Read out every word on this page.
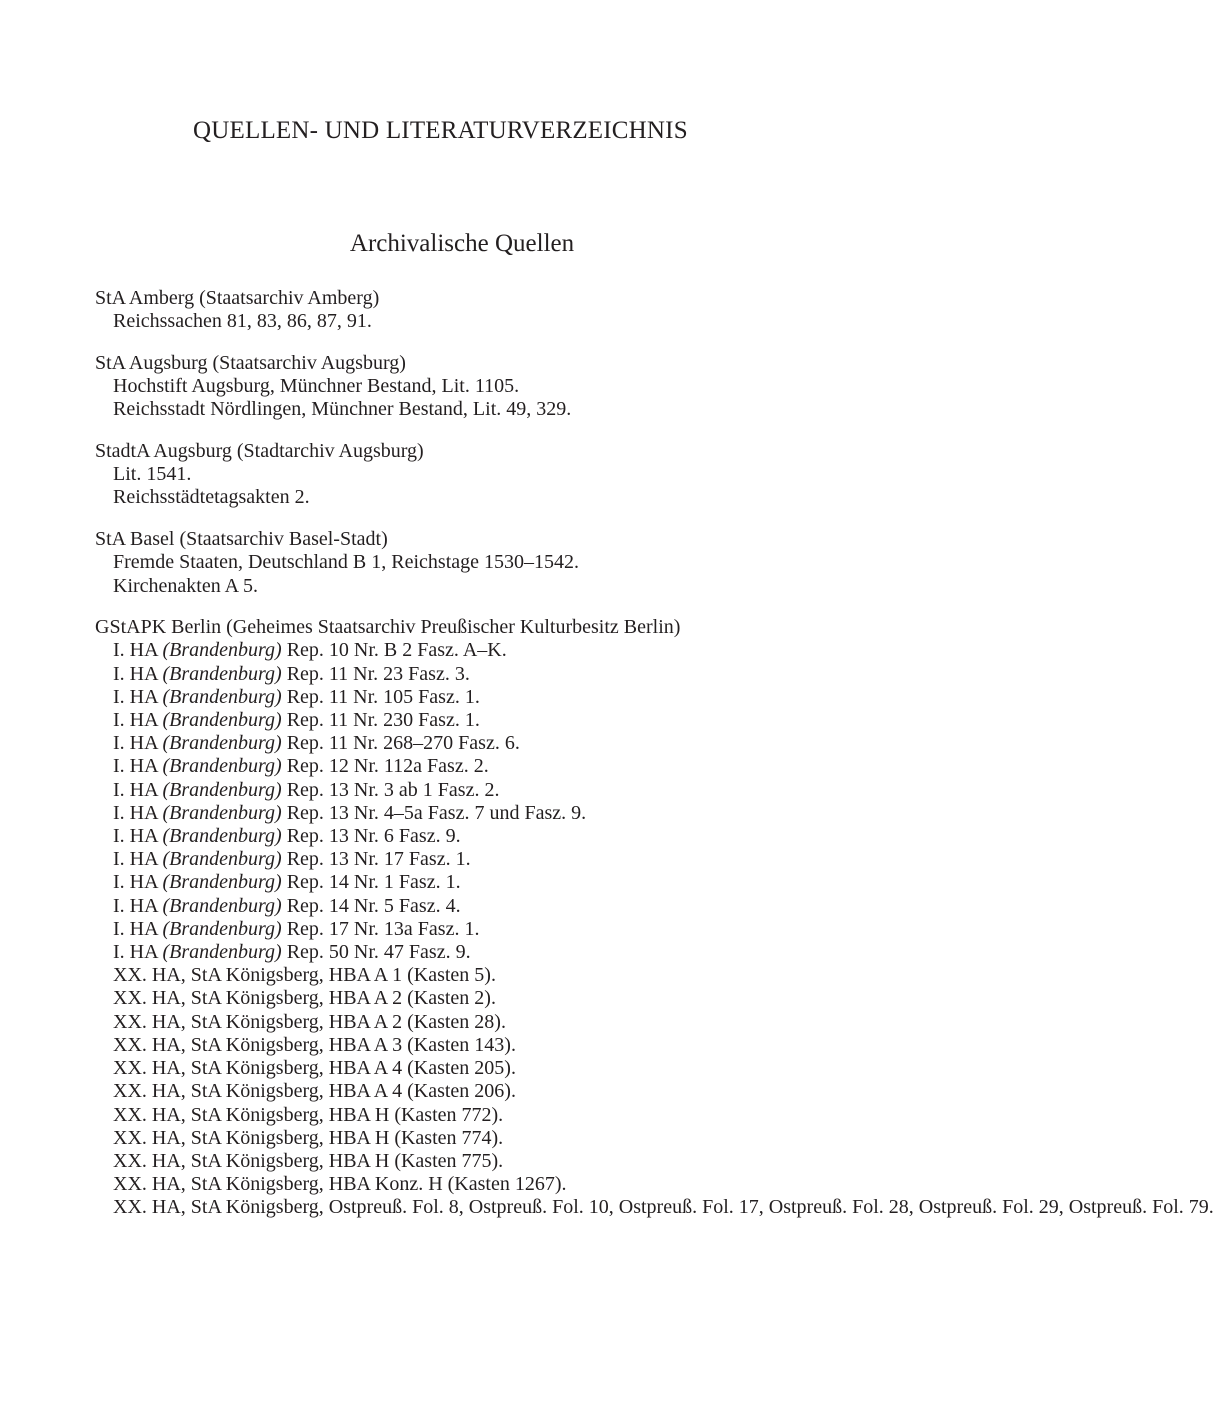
QUELLEN- UND LITERATURVERZEICHNIS
Archivalische Quellen
StA Amberg (Staatsarchiv Amberg)
Reichssachen 81, 83, 86, 87, 91.
StA Augsburg (Staatsarchiv Augsburg)
Hochstift Augsburg, Münchner Bestand, Lit. 1105.
Reichsstadt Nördlingen, Münchner Bestand, Lit. 49, 329.
StadtA Augsburg (Stadtarchiv Augsburg)
Lit. 1541.
Reichsstädtetagsakten 2.
StA Basel (Staatsarchiv Basel-Stadt)
Fremde Staaten, Deutschland B 1, Reichstage 1530–1542.
Kirchenakten A 5.
GStAPK Berlin (Geheimes Staatsarchiv Preußischer Kulturbesitz Berlin)
I. HA (Brandenburg) Rep. 10 Nr. B 2 Fasz. A–K.
I. HA (Brandenburg) Rep. 11 Nr. 23 Fasz. 3.
I. HA (Brandenburg) Rep. 11 Nr. 105 Fasz. 1.
I. HA (Brandenburg) Rep. 11 Nr. 230 Fasz. 1.
I. HA (Brandenburg) Rep. 11 Nr. 268–270 Fasz. 6.
I. HA (Brandenburg) Rep. 12 Nr. 112a Fasz. 2.
I. HA (Brandenburg) Rep. 13 Nr. 3 ab 1 Fasz. 2.
I. HA (Brandenburg) Rep. 13 Nr. 4–5a Fasz. 7 und Fasz. 9.
I. HA (Brandenburg) Rep. 13 Nr. 6 Fasz. 9.
I. HA (Brandenburg) Rep. 13 Nr. 17 Fasz. 1.
I. HA (Brandenburg) Rep. 14 Nr. 1 Fasz. 1.
I. HA (Brandenburg) Rep. 14 Nr. 5 Fasz. 4.
I. HA (Brandenburg) Rep. 17 Nr. 13a Fasz. 1.
I. HA (Brandenburg) Rep. 50 Nr. 47 Fasz. 9.
XX. HA, StA Königsberg, HBA A 1 (Kasten 5).
XX. HA, StA Königsberg, HBA A 2 (Kasten 2).
XX. HA, StA Königsberg, HBA A 2 (Kasten 28).
XX. HA, StA Königsberg, HBA A 3 (Kasten 143).
XX. HA, StA Königsberg, HBA A 4 (Kasten 205).
XX. HA, StA Königsberg, HBA A 4 (Kasten 206).
XX. HA, StA Königsberg, HBA H (Kasten 772).
XX. HA, StA Königsberg, HBA H (Kasten 774).
XX. HA, StA Königsberg, HBA H (Kasten 775).
XX. HA, StA Königsberg, HBA Konz. H (Kasten 1267).
XX. HA, StA Königsberg, Ostpreuß. Fol. 8, Ostpreuß. Fol. 10, Ostpreuß. Fol. 17, Ostpreuß. Fol. 28, Ostpreuß. Fol. 29, Ostpreuß. Fol. 79.
